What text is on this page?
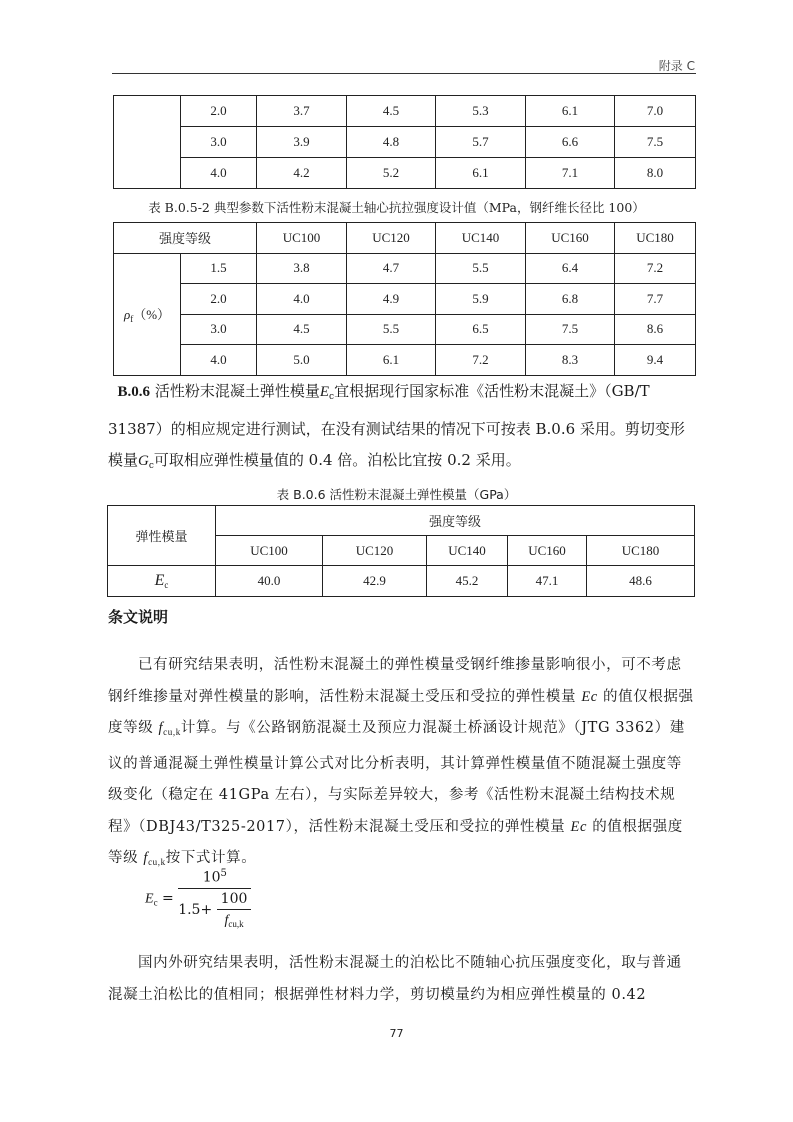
附录 C
	2.0	3.7	4.5	5.3	6.1	7.0
	3.0	3.9	4.8	5.7	6.6	7.5
	4.0	4.2	5.2	6.1	7.1	8.0
表 B.0.5-2 典型参数下活性粉末混凝土轴心抗拉强度设计值（MPa，钢纤维长径比 100）
强度等级		UC100	UC120	UC140	UC160	UC180
$\rho_f(\%)$	1.5	3.8	4.7	5.5	6.4	7.2
	2.0	4.0	4.9	5.9	6.8	7.7
	3.0	4.5	5.5	6.5	7.5	8.6
	4.0	5.0	6.1	7.2	8.3	9.4
B.0.6 活性粉末混凝土弹性模量$E_c$宜根据现行国家标准《活性粉末混凝土》（GB/T 31387）的相应规定进行测试，在没有测试结果的情况下可按表 B.0.6 采用。剪切变形模量$G_c$可取相应弹性模量值的 0.4 倍。泊松比宜按 0.2 采用。
表 B.0.6 活性粉末混凝土弹性模量（GPa）
弹性模量	强度等级				
	UC100	UC120	UC140	UC160	UC180
$E_c$	40.0	42.9	45.2	47.1	48.6
条文说明
已有研究结果表明，活性粉末混凝土的弹性模量受钢纤维掺量影响很小，可不考虑钢纤维掺量对弹性模量的影响，活性粉末混凝土受压和受拉的弹性模量 Ec 的值仅根据强度等级 $f_{cu,k}$计算。与《公路钢筋混凝土及预应力混凝土桥涵设计规范》（JTG 3362）建议的普通混凝土弹性模量计算公式对比分析表明，其计算弹性模量值不随混凝土强度等级变化（稳定在 41GPa 左右），与实际差异较大，参考《活性粉末混凝土结构技术规程》（DBJ43/T325-2017），活性粉末混凝土受压和受拉的弹性模量 Ec 的值根据强度等级 $f_{cu,k}$按下式计算。
$E_c = \frac{10^5}{1.5+ \frac{100}{f_{cu,k}}}$
国内外研究结果表明，活性粉末混凝土的泊松比不随轴心抗压强度变化，取与普通混凝土泊松比的值相同；根据弹性材料力学，剪切模量约为相应弹性模量的 0.42
77
